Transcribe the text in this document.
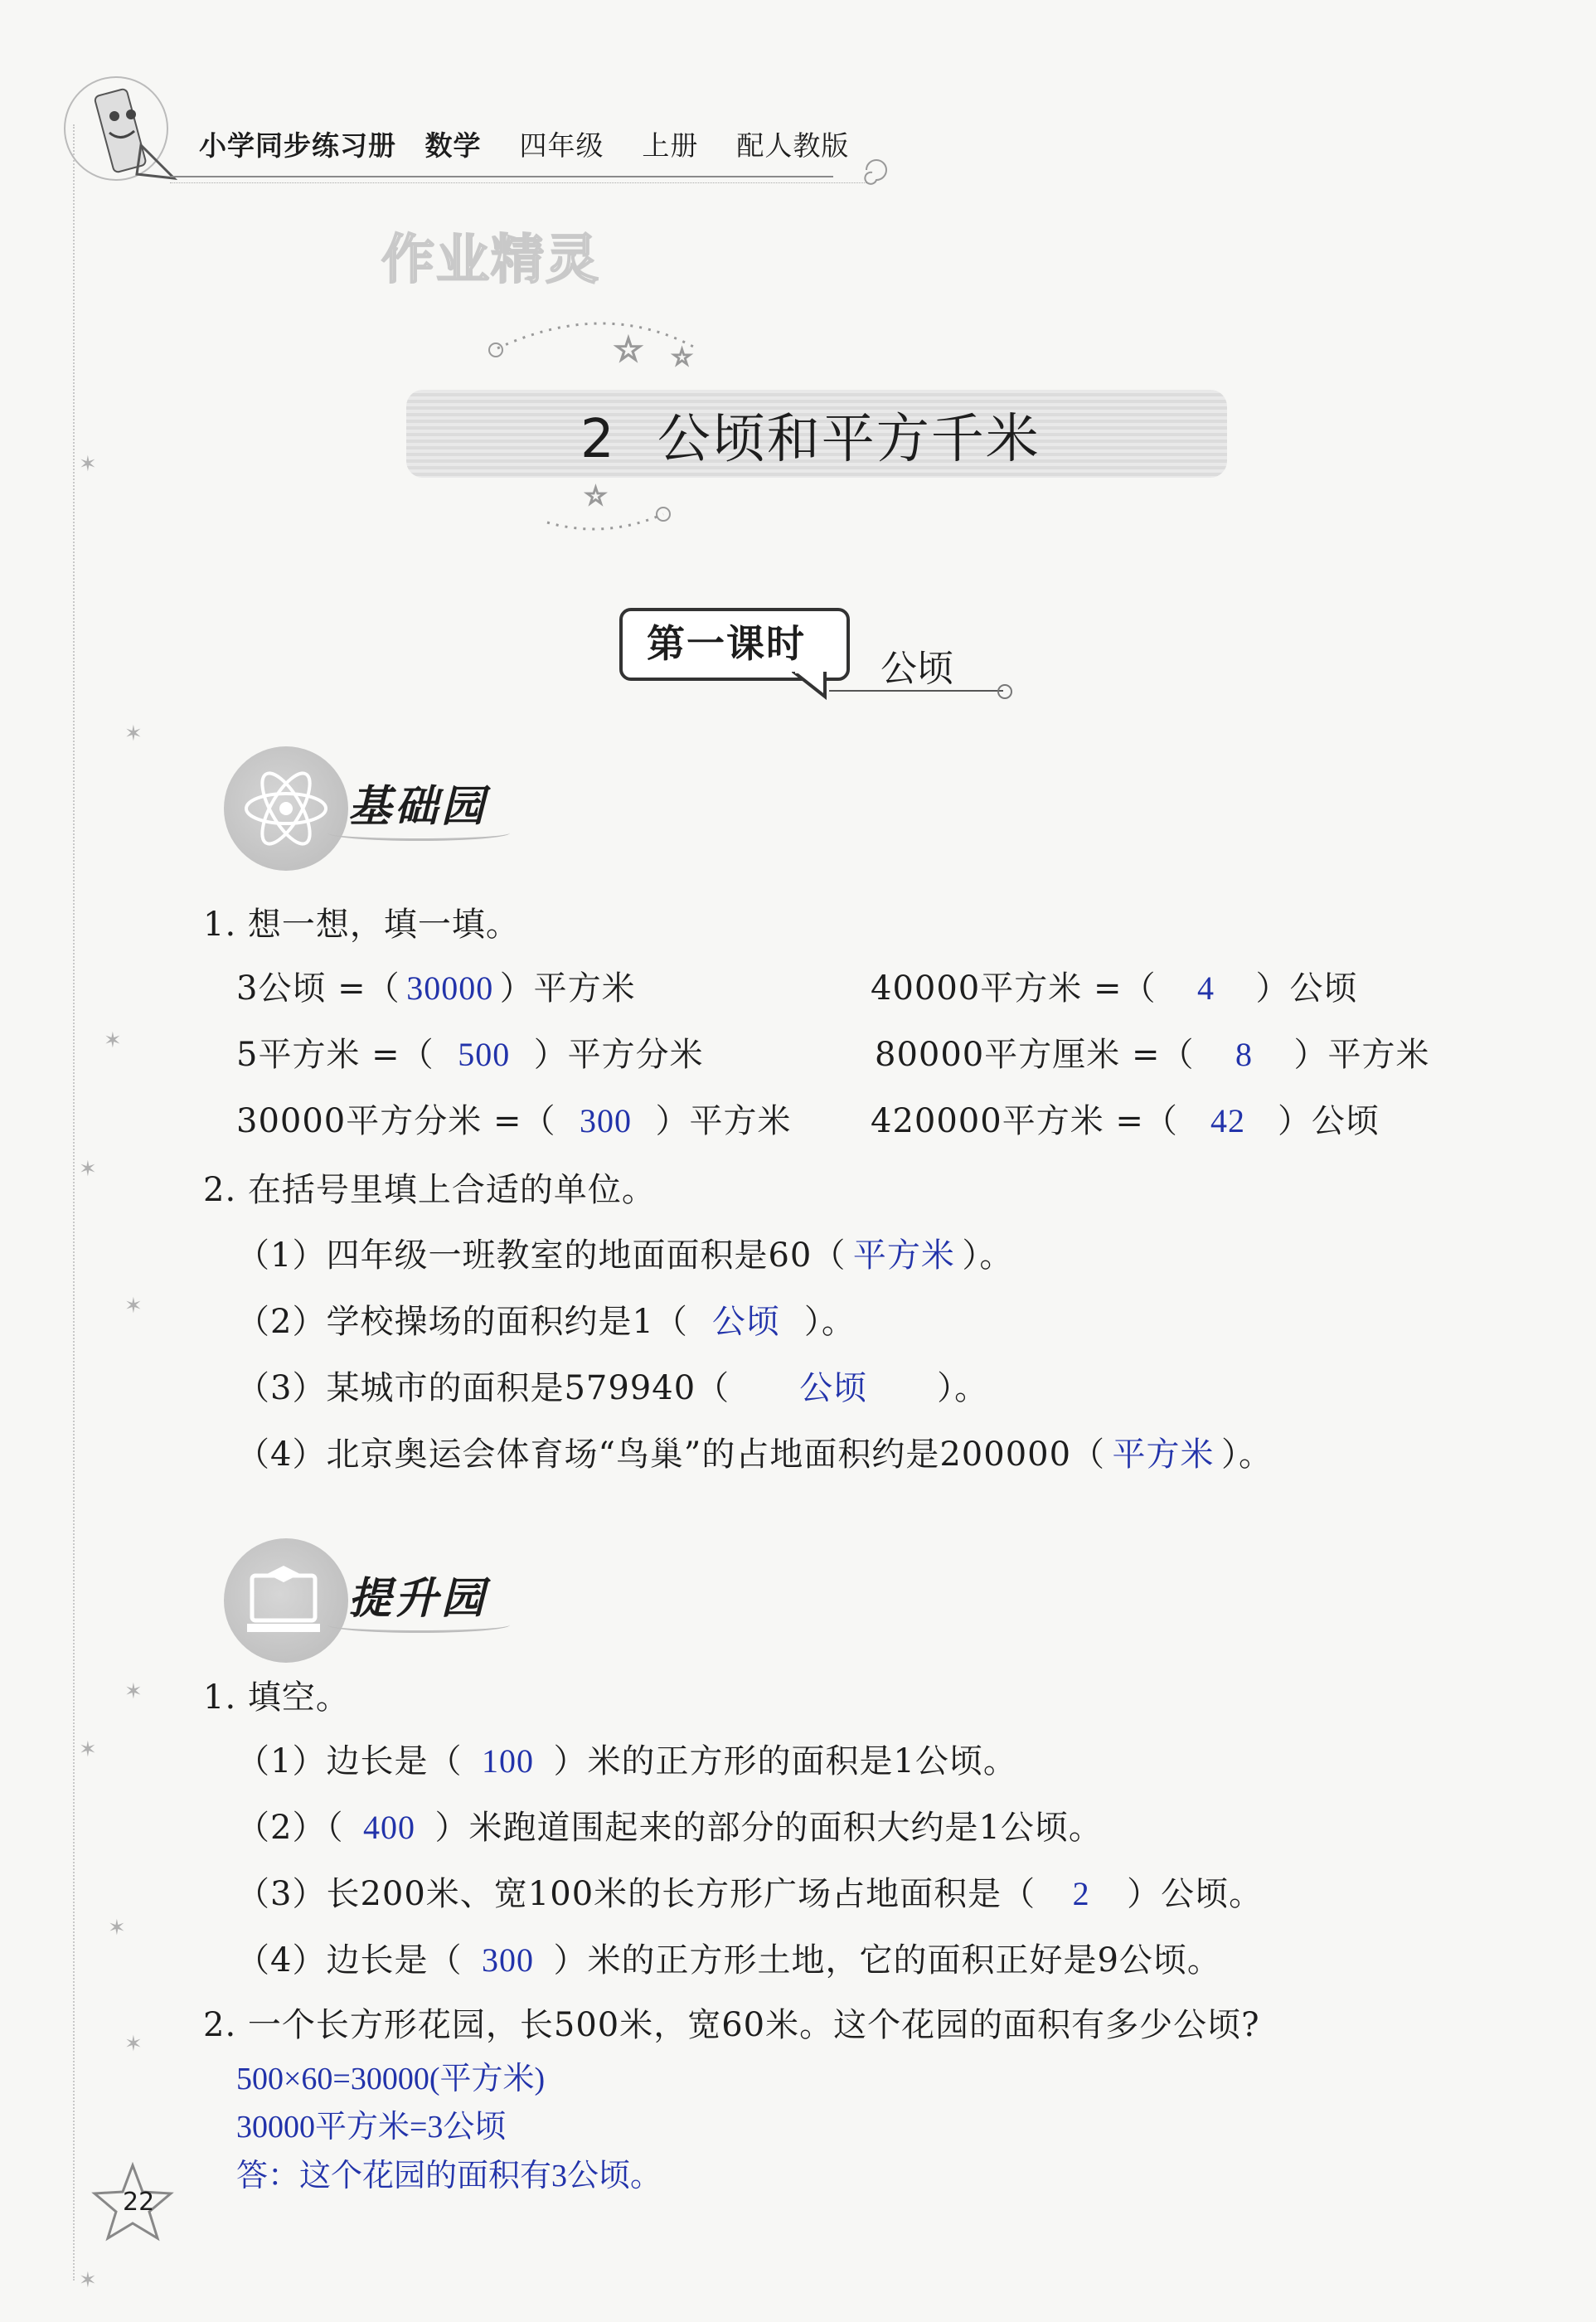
小学同步练习册 数学 四年级 上册 配人教版
作业精灵
☆ ☆
☆
2 公顷和平方千米
第一课时
公顷
基础园
1. 想一想，填一填。
3公顷 =（ 30000 ）平方米	40000平方米 =（ 4 ）公顷
5平方米 =（ 500 ）平方分米	80000平方厘米 =（ 8 ）平方米
30000平方分米 =（ 300 ）平方米 420000平方米 =（ 42 ）公顷
2. 在括号里填上合适的单位。
（1）四年级一班教室的地面面积是60（ 平方米 ）。
（2）学校操场的面积约是1（ 公顷 ）。
（3）某城市的面积是579940（ 公顷 ）。
（4）北京奥运会体育场“鸟巢”的占地面积约是200000（ 平方米 ）。
提升园
1. 填空。
（1）边长是（ 100 ）米的正方形的面积是1公顷。
（2）（ 400 ）米跑道围起来的部分的面积大约是1公顷。
（3）长200米、宽100米的长方形广场占地面积是（ 2 ）公顷。
（4）边长是（ 300 ）米的正方形土地，它的面积正好是9公顷。
2. 一个长方形花园，长500米，宽60米。这个花园的面积有多少公顷?
500×60=30000(平方米)
30000平方米=3公顷
答：这个花园的面积有3公顷。
22
✶
✶
✶
✶
✶
✶
✶
✶
✶
✶
